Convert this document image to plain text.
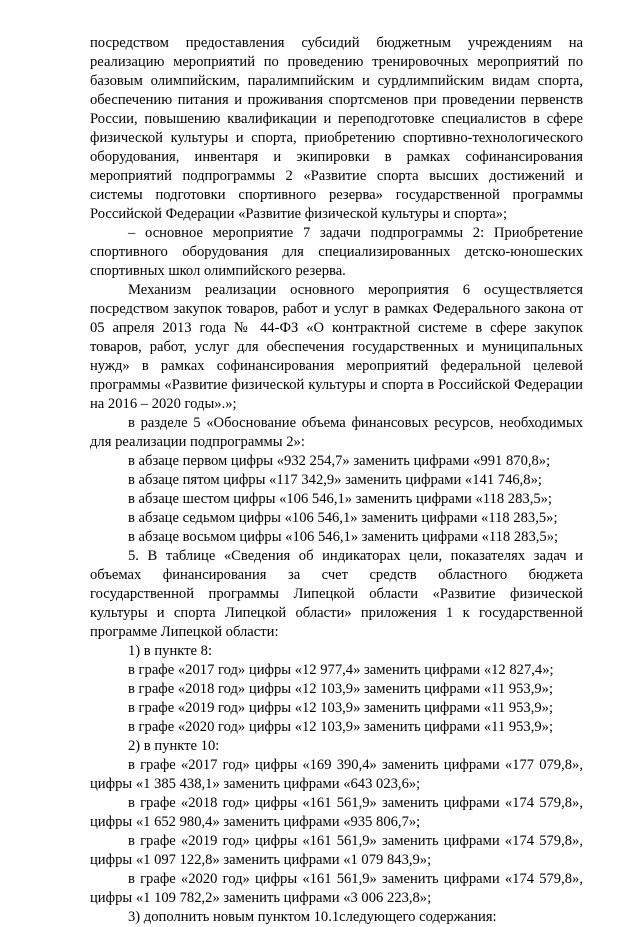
посредством предоставления субсидий бюджетным учреждениям на реализацию мероприятий по проведению тренировочных мероприятий по базовым олимпийским, паралимпийским и сурдлимпийским видам спорта, обеспечению питания и проживания спортсменов при проведении первенств России, повышению квалификации и переподготовке специалистов в сфере физической культуры и спорта, приобретению спортивно-технологического оборудования, инвентаря и экипировки в рамках софинансирования мероприятий подпрограммы 2 «Развитие спорта высших достижений и системы подготовки спортивного резерва» государственной программы Российской Федерации «Развитие физической культуры и спорта»;

– основное мероприятие 7 задачи подпрограммы 2: Приобретение спортивного оборудования для специализированных детско-юношеских спортивных школ олимпийского резерва.

Механизм реализации основного мероприятия 6 осуществляется посредством закупок товаров, работ и услуг в рамках Федерального закона от 05 апреля 2013 года № 44-ФЗ «О контрактной системе в сфере закупок товаров, работ, услуг для обеспечения государственных и муниципальных нужд» в рамках софинансирования мероприятий федеральной целевой программы «Развитие физической культуры и спорта в Российской Федерации на 2016 – 2020 годы».»;

в разделе 5 «Обоснование объема финансовых ресурсов, необходимых для реализации подпрограммы 2»:

в абзаце первом цифры «932 254,7» заменить цифрами «991 870,8»;

в абзаце пятом цифры «117 342,9» заменить цифрами «141 746,8»;

в абзаце шестом цифры «106 546,1» заменить цифрами «118 283,5»;

в абзаце седьмом цифры «106 546,1» заменить цифрами «118 283,5»;

в абзаце восьмом цифры «106 546,1» заменить цифрами «118 283,5»;

5. В таблице «Сведения об индикаторах цели, показателях задач и объемах финансирования за счет средств областного бюджета государственной программы Липецкой области «Развитие физической культуры и спорта Липецкой области» приложения 1 к государственной программе Липецкой области:

1) в пункте 8:

в графе «2017 год» цифры «12 977,4» заменить цифрами «12 827,4»;

в графе «2018 год» цифры «12 103,9» заменить цифрами «11 953,9»;

в графе «2019 год» цифры «12 103,9» заменить цифрами «11 953,9»;

в графе «2020 год» цифры «12 103,9» заменить цифрами «11 953,9»;

2) в пункте 10:

в графе «2017 год» цифры «169 390,4» заменить цифрами «177 079,8», цифры «1 385 438,1» заменить цифрами «643 023,6»;

в графе «2018 год» цифры «161 561,9» заменить цифрами «174 579,8», цифры «1 652 980,4» заменить цифрами «935 806,7»;

в графе «2019 год» цифры «161 561,9» заменить цифрами «174 579,8», цифры «1 097 122,8» заменить цифрами «1 079 843,9»;

в графе «2020 год» цифры «161 561,9» заменить цифрами «174 579,8», цифры «1 109 782,2» заменить цифрами «3 006 223,8»;

3) дополнить новым пунктом 10.1следующего содержания:
